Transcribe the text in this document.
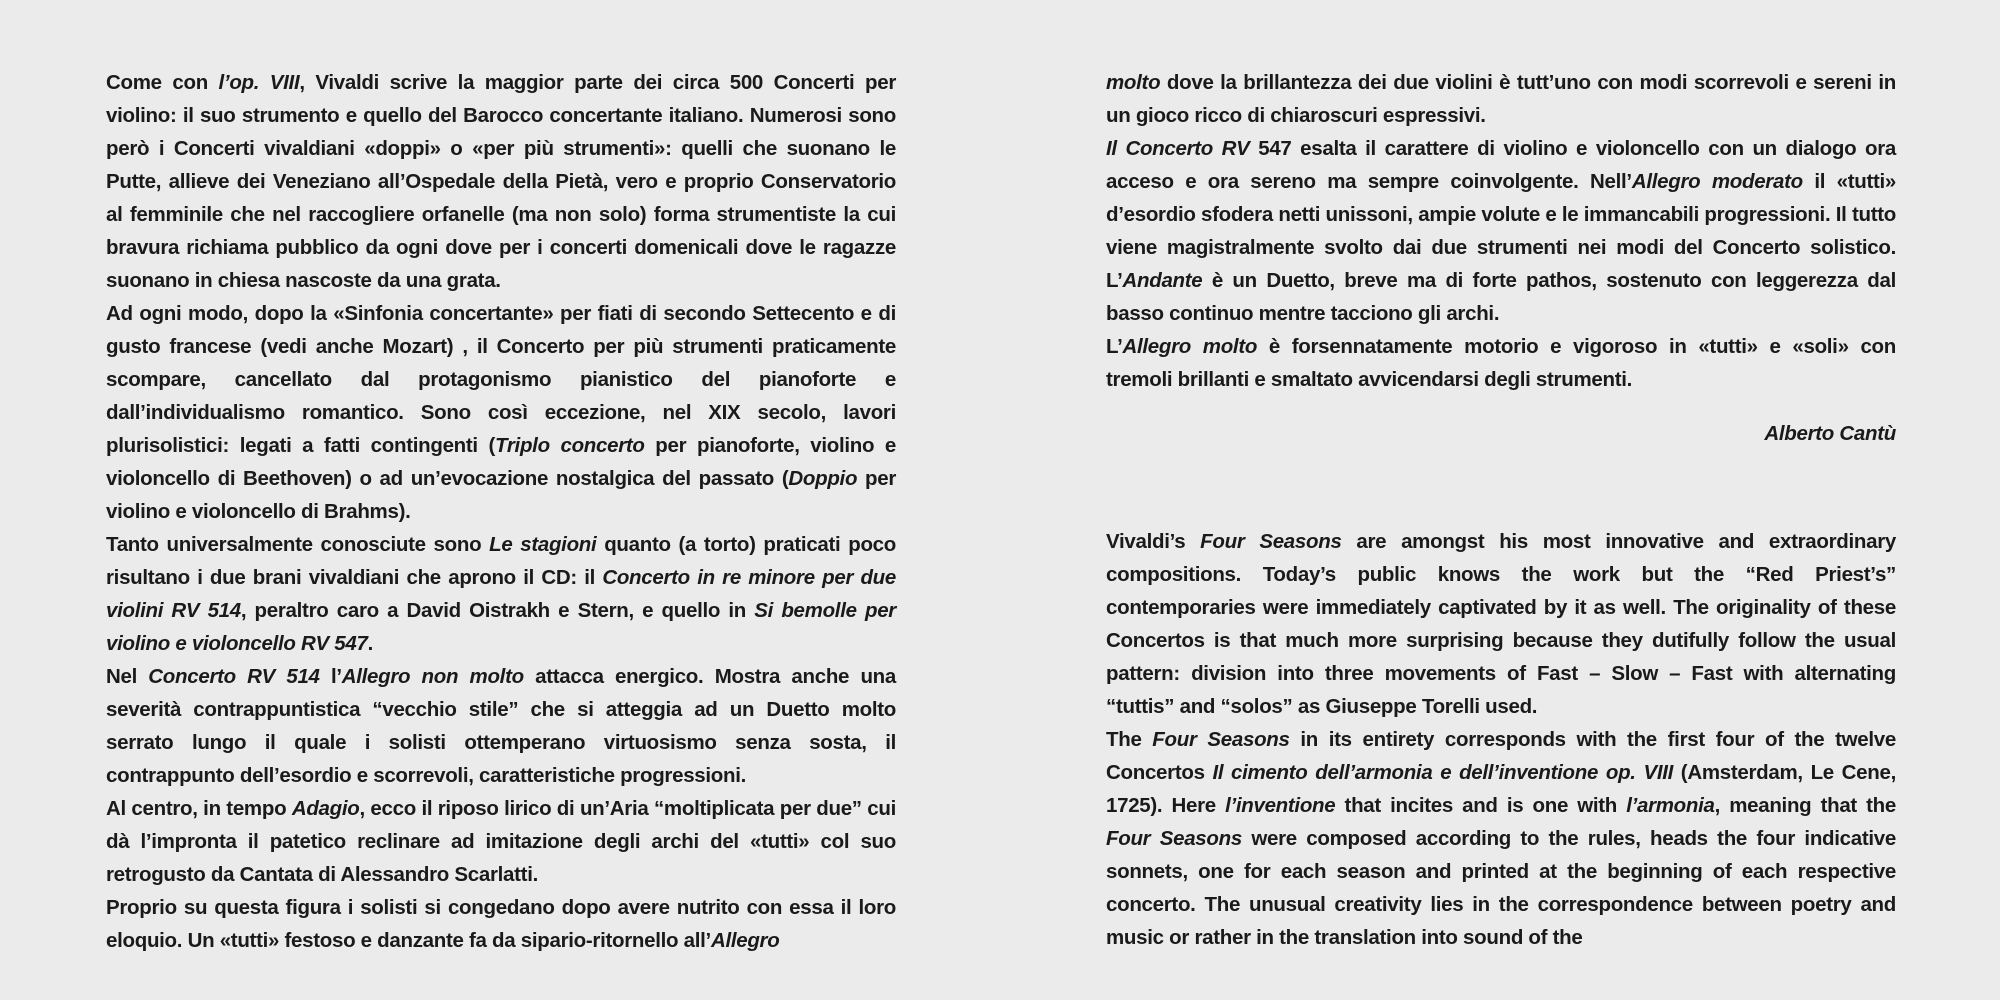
Come con l’op. VIII, Vivaldi scrive la maggior parte dei circa 500 Concerti per violino: il suo strumento e quello del Barocco concertante italiano. Numerosi sono però i Concerti vivaldiani «doppi» o «per più strumenti»: quelli che suonano le Putte, allieve dei Veneziano all’Ospedale della Pietà, vero e proprio Conservatorio al femminile che nel raccogliere orfanelle (ma non solo) forma strumentiste la cui bravura richiama pubblico da ogni dove per i concerti domenicali dove le ragazze suonano in chiesa nascoste da una grata.

Ad ogni modo, dopo la «Sinfonia concertante» per fiati di secondo Settecento e di gusto francese (vedi anche Mozart) , il Concerto per più strumenti praticamente scompare, cancellato dal protagonismo pianistico del pianoforte e dall’individualismo romantico. Sono così eccezione, nel XIX secolo, lavori plurisolistici: legati a fatti contingenti (Triplo concerto per pianoforte, violino e violoncello di Beethoven) o ad un’evocazione nostalgica del passato (Doppio per violino e violoncello di Brahms).

Tanto universalmente conosciute sono Le stagioni quanto (a torto) praticati poco risultano i due brani vivaldiani che aprono il CD: il Concerto in re minore per due violini RV 514, peraltro caro a David Oistrakh e Stern, e quello in Si bemolle per violino e violoncello RV 547.

Nel Concerto RV 514 l’Allegro non molto attacca energico. Mostra anche una severità contrappuntistica “vecchio stile” che si atteggia ad un Duetto molto serrato lungo il quale i solisti ottemperano virtuosismo senza sosta, il contrappunto dell’esordio e scorrevoli, caratteristiche progressioni.

Al centro, in tempo Adagio, ecco il riposo lirico di un’Aria “moltiplicata per due” cui dà l’impronta il patetico reclinare ad imitazione degli archi del «tutti» col suo retrogusto da Cantata di Alessandro Scarlatti.

Proprio su questa figura i solisti si congedano dopo avere nutrito con essa il loro eloquio. Un «tutti» festoso e danzante fa da sipario-ritornello all’Allegro

molto dove la brillantezza dei due violini è tutt’uno con modi scorrevoli e sereni in un gioco ricco di chiaroscuri espressivi.

Il Concerto RV 547 esalta il carattere di violino e violoncello con un dialogo ora acceso e ora sereno ma sempre coinvolgente. Nell’Allegro moderato il «tutti» d’esordio sfodera netti unissoni, ampie volute e le immancabili progressioni. Il tutto viene magistralmente svolto dai due strumenti nei modi del Concerto solistico. L’Andante è un Duetto, breve ma di forte pathos, sostenuto con leggerezza dal basso continuo mentre tacciono gli archi.

L’Allegro molto è forsennatamente motorio e vigoroso in «tutti» e «soli» con tremoli brillanti e smaltato avvicendarsi degli strumenti.

Alberto Cantù

Vivaldi’s Four Seasons are amongst his most innovative and extraordinary compositions. Today’s public knows the work but the “Red Priest’s” contemporaries were immediately captivated by it as well. The originality of these Concertos is that much more surprising because they dutifully follow the usual pattern: division into three movements of Fast – Slow – Fast with alternating “tuttis” and “solos” as Giuseppe Torelli used.

The Four Seasons in its entirety corresponds with the first four of the twelve Concertos Il cimento dell’armonia e dell’inventione op. VIII (Amsterdam, Le Cene, 1725). Here l’inventione that incites and is one with l’armonia, meaning that the Four Seasons were composed according to the rules, heads the four indicative sonnets, one for each season and printed at the beginning of each respective concerto. The unusual creativity lies in the correspondence between poetry and music or rather in the translation into sound of the
